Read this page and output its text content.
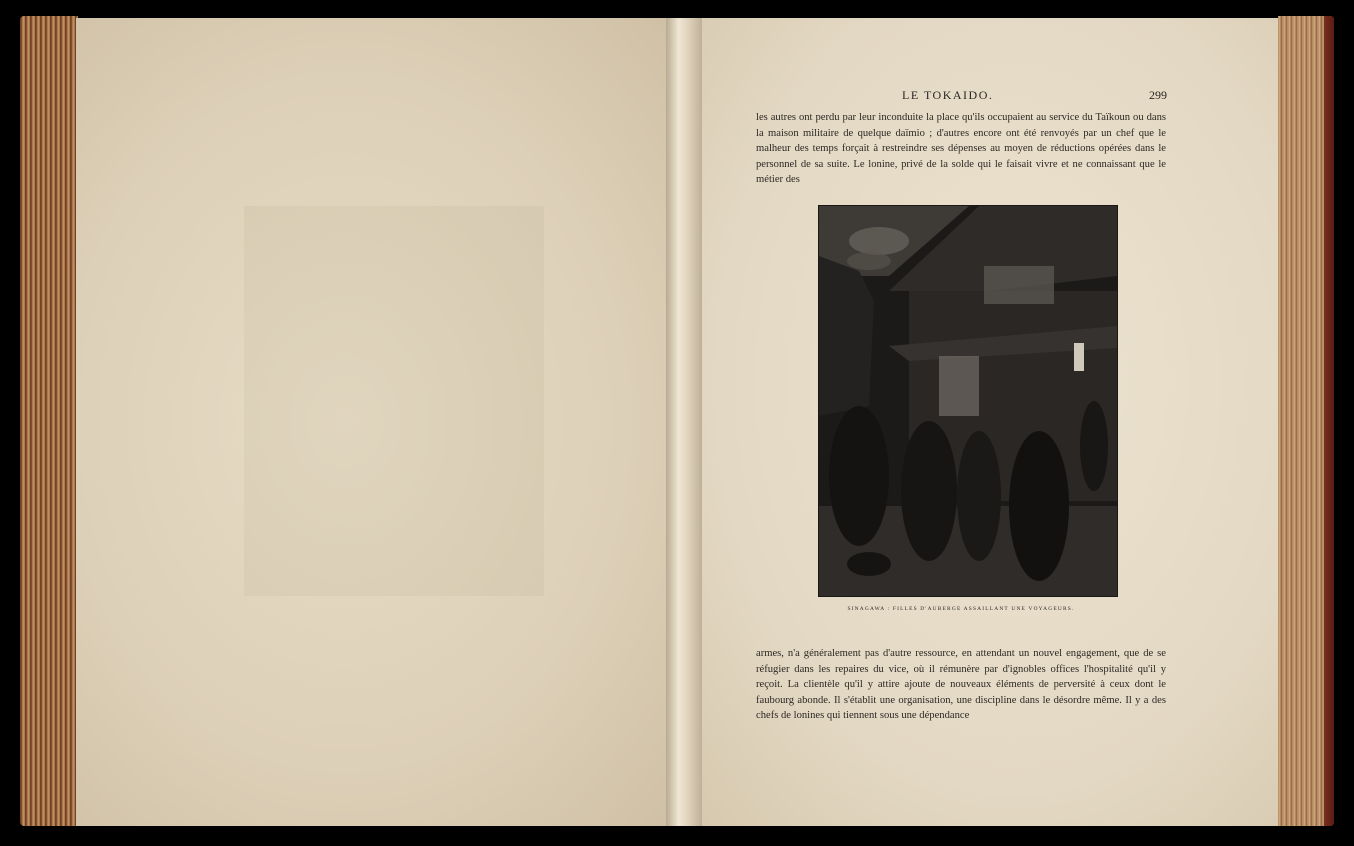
LE TOKAIDO.	299

les autres ont perdu par leur inconduite la place qu'ils occupaient au service du Taïkoun ou dans la maison militaire de quelque daïmio ; d'autres encore ont été renvoyés par un chef que le malheur des temps forçait à restreindre ses dépenses au moyen de réductions opérées dans le personnel de sa suite. Le lonine, privé de la solde qui le faisait vivre et ne connaissant que le métier des

SINAGAWA : FILLES D'AUBERGE ASSAILLANT UNE VOYAGEURS.

armes, n'a généralement pas d'autre ressource, en attendant un nouvel engagement, que de se réfugier dans les repaires du vice, où il rémunère par d'ignobles offices l'hospitalité qu'il y reçoit. La clientèle qu'il y attire ajoute de nouveaux éléments de perversité à ceux dont le faubourg abonde. Il s'établit une organisation, une discipline dans le désordre même. Il y a des chefs de lonines qui tiennent sous une dépendance
